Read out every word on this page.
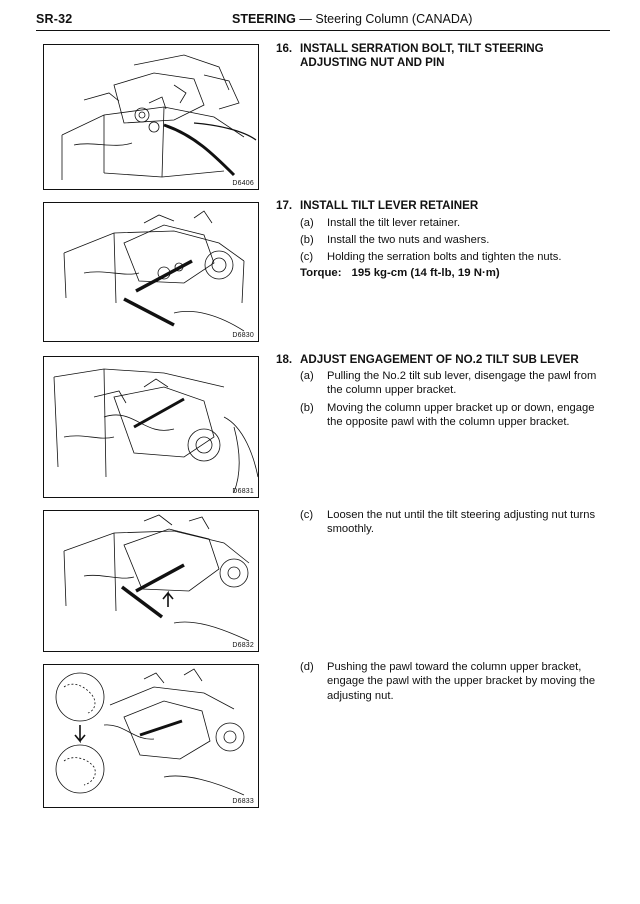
SR-32	STEERING — Steering Column (CANADA)
D6406
D6830
D6831
D6832
D6833
16. INSTALL SERRATION BOLT, TILT STEERING ADJUSTING NUT AND PIN
17. INSTALL TILT LEVER RETAINER
(a) Install the tilt lever retainer.
(b) Install the two nuts and washers.
(c) Holding the serration bolts and tighten the nuts.
Torque: 195 kg-cm (14 ft-lb, 19 N·m)
18. ADJUST ENGAGEMENT OF NO.2 TILT SUB LEVER
(a) Pulling the No.2 tilt sub lever, disengage the pawl from the column upper bracket.
(b) Moving the column upper bracket up or down, engage the opposite pawl with the column upper bracket.
(c) Loosen the nut until the tilt steering adjusting nut turns smoothly.
(d) Pushing the pawl toward the column upper bracket, engage the pawl with the upper bracket by moving the adjusting nut.
